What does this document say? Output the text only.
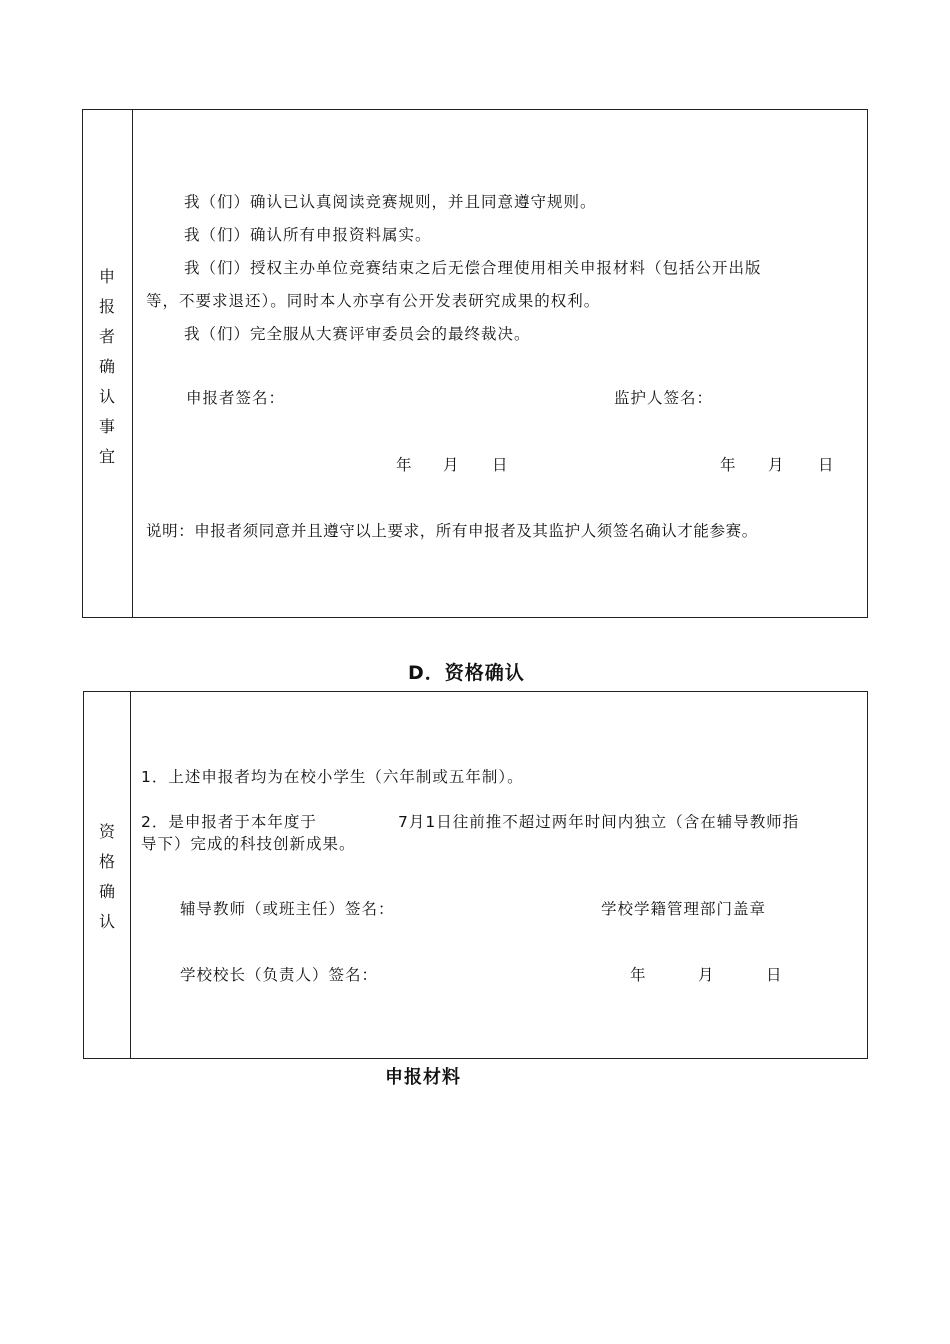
申
报
者
确
认
事
宜
我（们）确认已认真阅读竞赛规则，并且同意遵守规则。
我（们）确认所有申报资料属实。
我（们）授权主办单位竞赛结束之后无偿合理使用相关申报材料（包括公开出版
等，不要求退还）。同时本人亦享有公开发表研究成果的权利。
我（们）完全服从大赛评审委员会的最终裁决。
申报者签名：	监护人签名：
年 月 日	年 月 日
说明：申报者须同意并且遵守以上要求，所有申报者及其监护人须签名确认才能参赛。
D．资格确认
资
格
确
认
1．上述申报者均为在校小学生（六年制或五年制）。
2．是申报者于本年度于	7月1日往前推不超过两年时间内独立（含在辅导教师指
导下）完成的科技创新成果。
辅导教师（或班主任）签名：	学校学籍管理部门盖章
学校校长（负责人）签名：	年	月	日
申报材料
